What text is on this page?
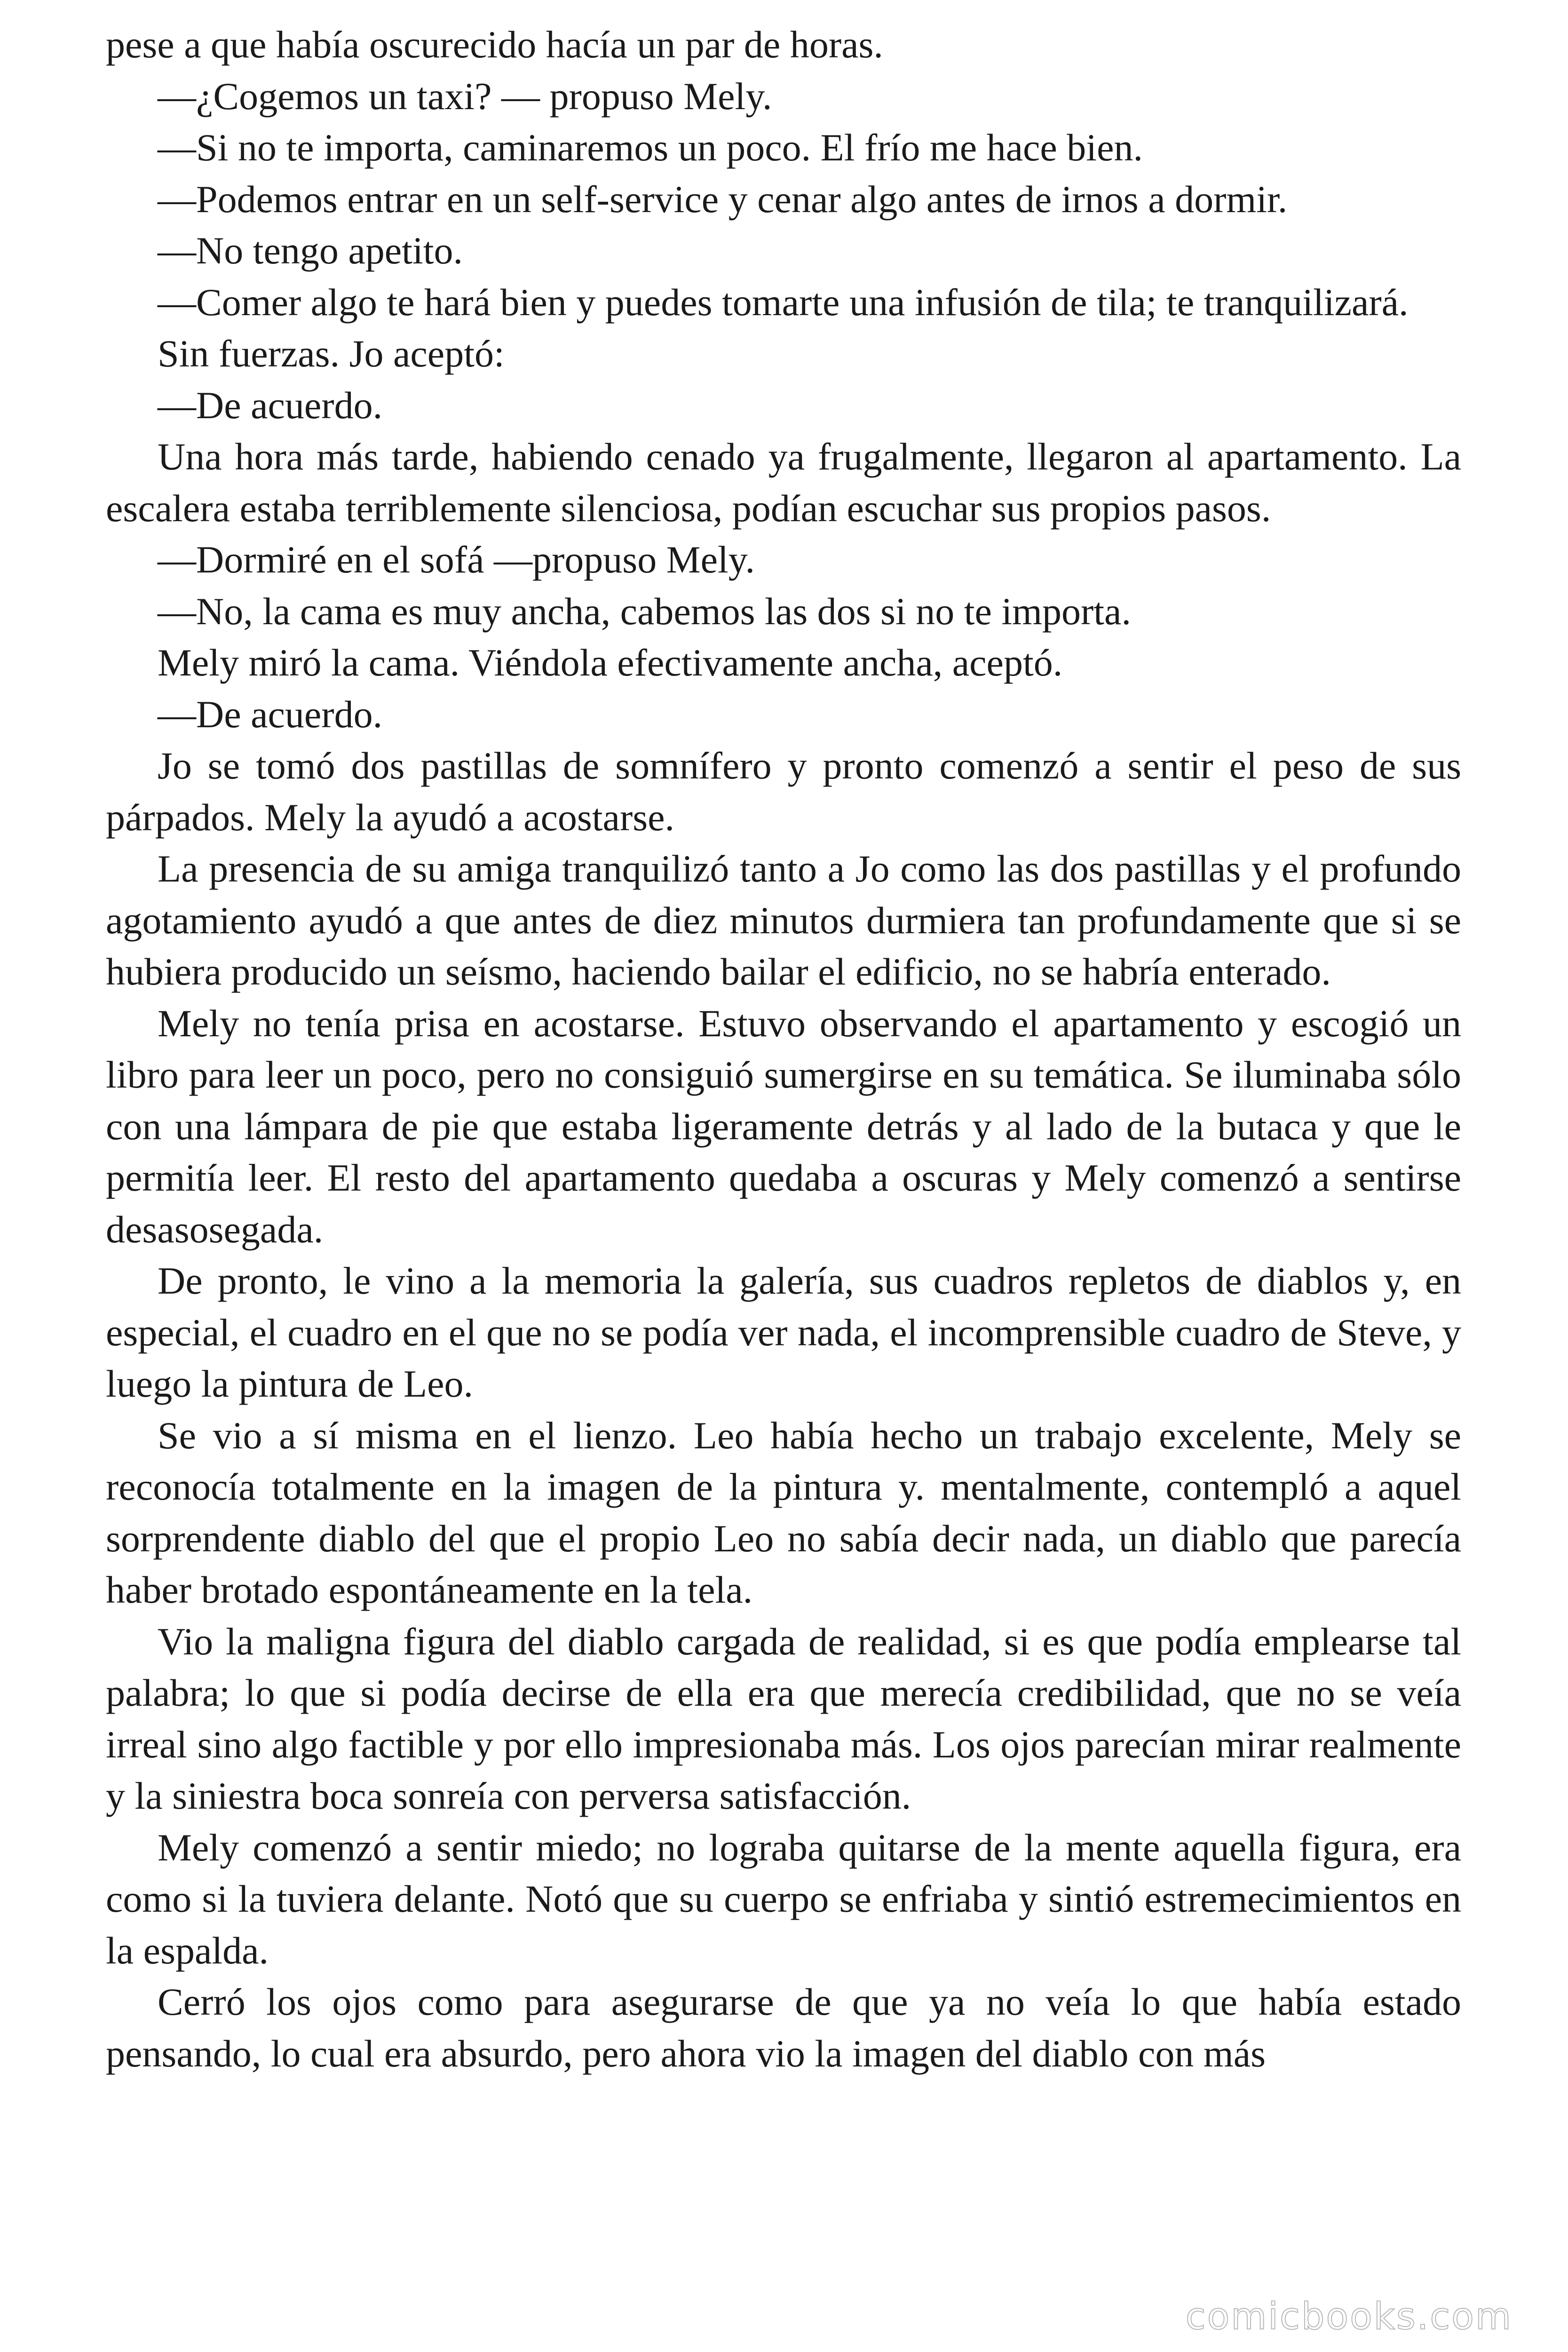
pese a que había oscurecido hacía un par de horas.

—¿Cogemos un taxi? — propuso Mely.

—Si no te importa, caminaremos un poco. El frío me hace bien.

—Podemos entrar en un self-service y cenar algo antes de irnos a dormir.

—No tengo apetito.

—Comer algo te hará bien y puedes tomarte una infusión de tila; te tranquilizará.

Sin fuerzas. Jo aceptó:

—De acuerdo.

Una hora más tarde, habiendo cenado ya frugalmente, llegaron al apartamento. La escalera estaba terriblemente silenciosa, podían escuchar sus propios pasos.

—Dormiré en el sofá —propuso Mely.

—No, la cama es muy ancha, cabemos las dos si no te importa.

Mely miró la cama. Viéndola efectivamente ancha, aceptó.

—De acuerdo.

Jo se tomó dos pastillas de somnífero y pronto comenzó a sentir el peso de sus párpados. Mely la ayudó a acostarse.

La presencia de su amiga tranquilizó tanto a Jo como las dos pastillas y el profundo agotamiento ayudó a que antes de diez minutos durmiera tan profundamente que si se hubiera producido un seísmo, haciendo bailar el edificio, no se habría enterado.

Mely no tenía prisa en acostarse. Estuvo observando el apartamento y escogió un libro para leer un poco, pero no consiguió sumergirse en su temática. Se iluminaba sólo con una lámpara de pie que estaba ligeramente detrás y al lado de la butaca y que le permitía leer. El resto del apartamento quedaba a oscuras y Mely comenzó a sentirse desasosegada.

De pronto, le vino a la memoria la galería, sus cuadros repletos de diablos y, en especial, el cuadro en el que no se podía ver nada, el incomprensible cuadro de Steve, y luego la pintura de Leo.

Se vio a sí misma en el lienzo. Leo había hecho un trabajo excelente, Mely se reconocía totalmente en la imagen de la pintura y. mentalmente, contempló a aquel sorprendente diablo del que el propio Leo no sabía decir nada, un diablo que parecía haber brotado espontáneamente en la tela.

Vio la maligna figura del diablo cargada de realidad, si es que podía emplearse tal palabra; lo que si podía decirse de ella era que merecía credibilidad, que no se veía irreal sino algo factible y por ello impresionaba más. Los ojos parecían mirar realmente y la siniestra boca sonreía con perversa satisfacción.

Mely comenzó a sentir miedo; no lograba quitarse de la mente aquella figura, era como si la tuviera delante. Notó que su cuerpo se enfriaba y sintió estremecimientos en la espalda.

Cerró los ojos como para asegurarse de que ya no veía lo que había estado pensando, lo cual era absurdo, pero ahora vio la imagen del diablo con más

comicbooks.com
